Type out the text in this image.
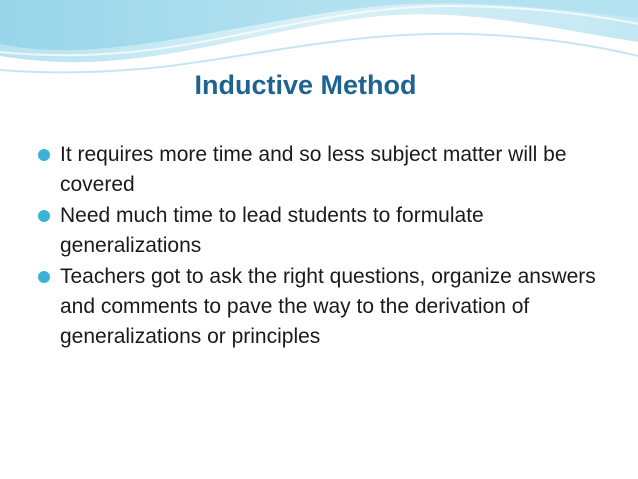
Inductive Method
It requires more time and so less subject matter will be covered
Need much time to lead students to formulate generalizations
Teachers got to ask the right questions, organize answers and comments to pave the way to the derivation of generalizations or principles
